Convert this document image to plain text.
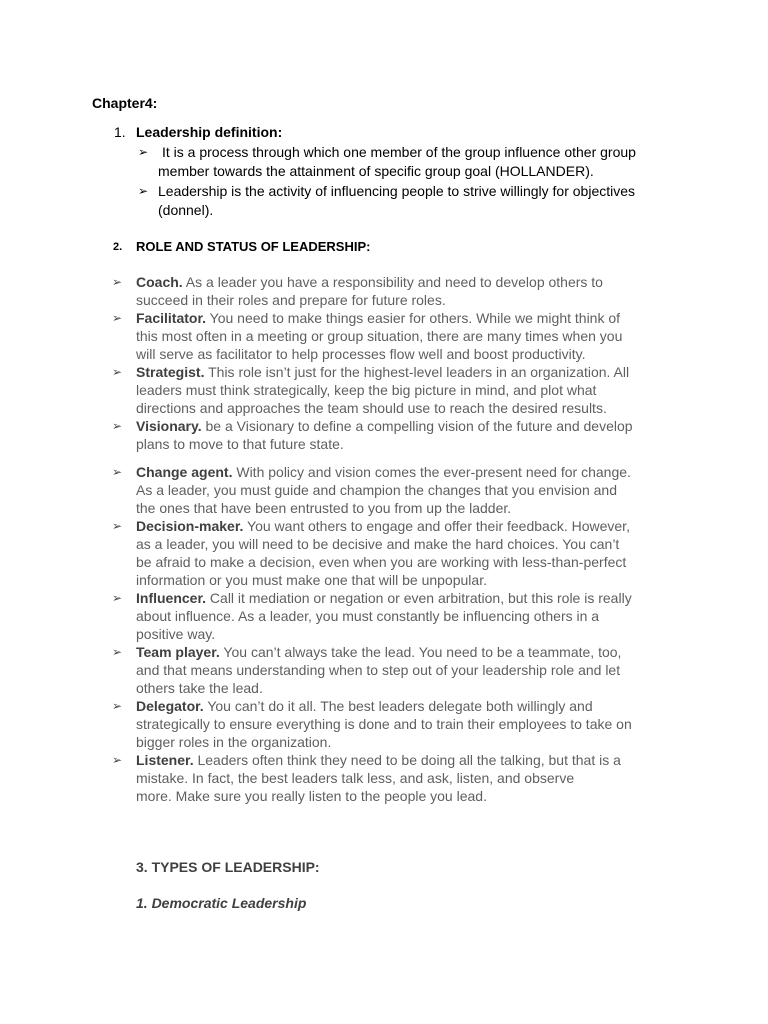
Chapter4:
1. Leadership definition:
➢ It is a process through which one member of the group influence other group
member towards the attainment of specific group goal (HOLLANDER).
➢ Leadership is the activity of influencing people to strive willingly for objectives
(donnel).
2. ROLE AND STATUS OF LEADERSHIP:
➢ Coach. As a leader you have a responsibility and need to develop others to
succeed in their roles and prepare for future roles.
➢ Facilitator. You need to make things easier for others. While we might think of
this most often in a meeting or group situation, there are many times when you
will serve as facilitator to help processes flow well and boost productivity.
➢ Strategist. This role isn’t just for the highest-level leaders in an organization. All
leaders must think strategically, keep the big picture in mind, and plot what
directions and approaches the team should use to reach the desired results.
➢ Visionary. be a Visionary to define a compelling vision of the future and develop
plans to move to that future state.
➢ Change agent. With policy and vision comes the ever-present need for change.
As a leader, you must guide and champion the changes that you envision and
the ones that have been entrusted to you from up the ladder.
➢ Decision-maker. You want others to engage and offer their feedback. However,
as a leader, you will need to be decisive and make the hard choices. You can’t
be afraid to make a decision, even when you are working with less-than-perfect
information or you must make one that will be unpopular.
➢ Influencer. Call it mediation or negation or even arbitration, but this role is really
about influence. As a leader, you must constantly be influencing others in a
positive way.
➢ Team player. You can’t always take the lead. You need to be a teammate, too,
and that means understanding when to step out of your leadership role and let
others take the lead.
➢ Delegator. You can’t do it all. The best leaders delegate both willingly and
strategically to ensure everything is done and to train their employees to take on
bigger roles in the organization.
➢ Listener. Leaders often think they need to be doing all the talking, but that is a
mistake. In fact, the best leaders talk less, and ask, listen, and observe
more. Make sure you really listen to the people you lead.
3. TYPES OF LEADERSHIP:
1. Democratic Leadership
